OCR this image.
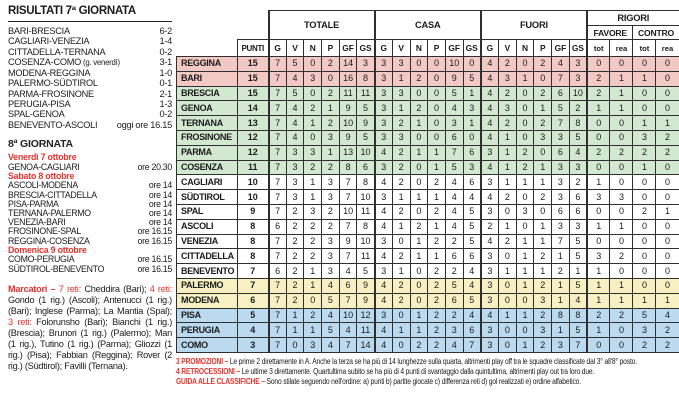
RISULTATI 7ª GIORNATA
BARI-BRESCIA	6-2
CAGLIARI-VENEZIA	1-4
CITTADELLA-TERNANA	0-2
COSENZA-COMO (g. venerdì)	3-1
MODENA-REGGINA	1-0
PALERMO-SÜDTIROL	0-1
PARMA-FROSINONE	2-1
PERUGIA-PISA	1-3
SPAL-GENOA	0-2
BENEVENTO-ASCOLI oggi ore 16.15
8ª GIORNATA
Venerdì 7 ottobre
GENOA-CAGLIARI	ore 20.30
Sabato 8 ottobre
ASCOLI-MODENA	ore 14
BRESCIA-CITTADELLA	ore 14
PISA-PARMA	ore 14
TERNANA-PALERMO	ore 14
VENEZIA-BARI	ore 14
FROSINONE-SPAL	ore 16.15
REGGINA-COSENZA	ore 16.15
Domenica 9 ottobre
COMO-PERUGIA	ore 16.15
SÜDTIROL-BENEVENTO	ore 16.15
Marcatori – 7 reti: Cheddira (Bari); 4 reti: Gondo (1 rig.) (Ascoli); Antenucci (1 rig.) (Bari); Inglese (Parma); La Mantia (Spal); 3 reti: Folorunsho (Bari); Bianchi (1 rig.) (Brescia); Brunori (1 rig.) (Palermo); Man (1 rig.), Tutino (1 rig.) (Parma); Gliozzi (1 rig.) (Pisa); Fabbian (Reggina); Rover (2 rig.) (Südtirol); Favilli (Ternana).
		TOTALE						CASA						FUORI						RIGORI			
																				FAVORE		CONTRO	
	PUNTI	G	V	N	P	GF	GS	G	V	N	P	GF	GS	G	V	N	P	GF	GS	tot	rea	tot	rea
REGGINA	15	7	5	0	2	14	3	3	3	0	0	10	0	4	2	0	2	4	3	0	0	0	0
BARI	15	7	4	3	0	16	8	3	1	2	0	9	5	4	3	1	0	7	3	2	1	1	0
BRESCIA	15	7	5	0	2	11	11	3	3	0	0	5	1	4	2	0	2	6	10	2	1	0	0
GENOA	14	7	4	2	1	9	5	3	1	2	0	4	3	4	3	0	1	5	2	1	1	0	0
TERNANA	13	7	4	1	2	10	9	3	2	1	0	3	1	4	2	0	2	7	8	0	0	1	1
FROSINONE	12	7	4	0	3	9	5	3	3	0	0	6	0	4	1	0	3	3	5	0	0	3	2
PARMA	12	7	3	3	1	13	10	4	2	1	1	7	6	3	1	2	0	6	4	2	2	2	2
COSENZA	11	7	3	2	2	8	6	3	2	0	1	5	3	4	1	2	1	3	3	0	0	1	0
CAGLIARI	10	7	3	1	3	7	8	4	2	0	2	4	6	3	1	1	1	3	2	1	0	0	0
SÜDTIROL	10	7	3	1	3	7	10	3	1	1	1	4	4	4	2	0	2	3	6	3	3	0	0
SPAL	9	7	2	3	2	10	11	4	2	0	2	4	5	3	0	3	0	6	6	0	0	2	1
ASCOLI	8	6	2	2	2	7	8	4	1	2	1	4	5	2	1	0	1	3	3	1	1	0	0
VENEZIA	8	7	2	2	3	9	10	3	0	1	2	2	5	4	2	1	1	7	5	0	0	0	0
CITTADELLA	8	7	2	2	3	7	11	4	2	1	1	6	6	3	0	1	2	1	5	3	2	0	0
BENEVENTO	7	6	2	1	3	4	5	3	1	0	2	2	4	3	1	1	1	2	1	1	0	0	0
PALERMO	7	7	2	1	4	6	9	4	2	0	2	5	4	3	0	1	2	1	5	1	1	0	0
MODENA	6	7	2	0	5	7	9	4	2	0	2	6	5	3	0	0	3	1	4	1	1	1	1
PISA	5	7	1	2	4	10	12	3	0	1	2	2	4	4	1	1	2	8	8	2	2	5	4
PERUGIA	4	7	1	1	5	4	11	4	1	1	2	3	6	3	0	0	3	1	5	1	0	3	2
COMO	3	7	0	3	4	7	14	4	0	2	2	4	7	3	0	1	2	3	7	0	0	2	2
3 PROMOZIONI – Le prime 2 direttamente in A. Anche la terza se ha più di 14 lunghezze sulla quarta, altrimenti play off tra le squadre classificate dal 3° all'8° posto.
4 RETROCESSIONI – Le ultime 3 direttamente. Quartultima subito se ha più di 4 punti di svantaggio dalla quintultima, altrimenti play out tra loro due.
GUIDA ALLE CLASSIFICHE – Sono stilate seguendo nell'ordine: a) punti b) partite giocate c) differenza reti d) gol realizzati e) ordine alfabetico.
